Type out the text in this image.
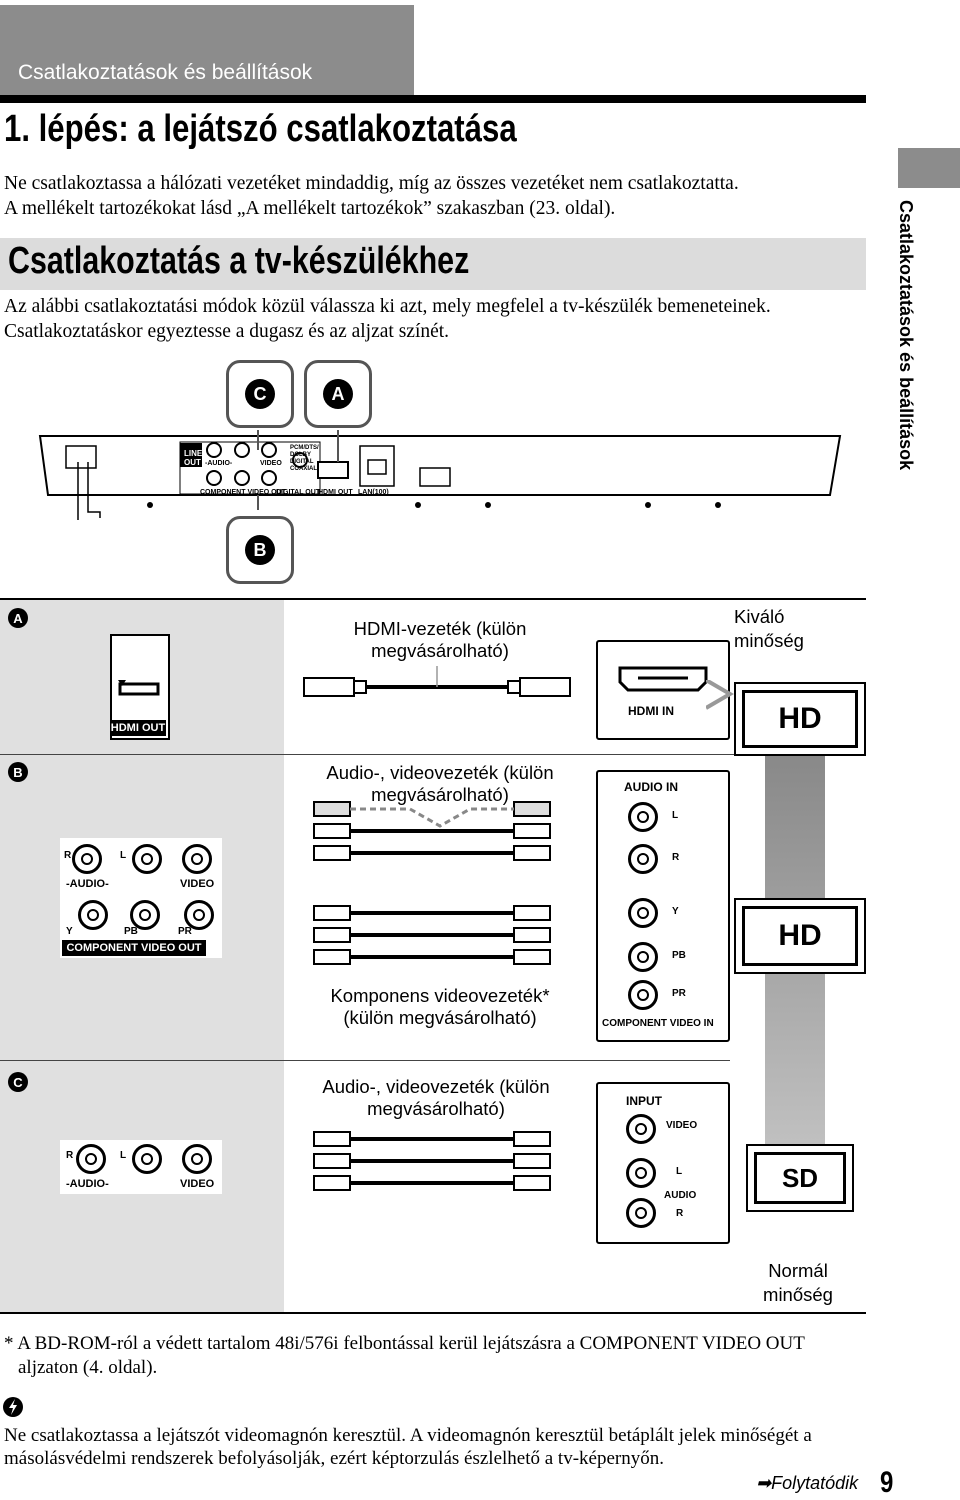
Csatlakoztatások és beállítások
1. lépés: a lejátszó csatlakoztatása
Ne csatlakoztassa a hálózati vezetéket mindaddig, míg az összes vezetéket nem csatlakoztatta.
A mellékelt tartozékokat lásd „A mellékelt tartozékok” szakaszban (23. oldal).
Csatlakoztatás a tv-készülékhez
Az alábbi csatlakoztatási módok közül válassza ki azt, mely megfelel a tv-készülék bemeneteinek.
Csatlakoztatáskor egyeztesse a dugasz és az aljzat színét.	Csatlakoztatások és beállítások
LINE OUT -AUDIO-	VIDEO
PCM/DTS/ DOLBY DIGITAL COAXIAL
COMPONENT VIDEO OUT
DIGITAL OUT
HDMI OUT LAN(100)
C	A
B
A
HDMI OUT
HDMI-vezeték (külön
megvásárolható)
HDMI IN
Kiváló
minőség
HD
B
R	L
-AUDIO-	VIDEO
Y	PB	PR
COMPONENT VIDEO OUT
Audio-, videovezeték (külön
megvásárolható)
Komponens videovezeték*
(külön megvásárolható)
AUDIO IN
L
R
Y
PB
PR
COMPONENT VIDEO IN
HD
C
R	L
-AUDIO-	VIDEO
Audio-, videovezeték (külön
megvásárolható)	INPUT
VIDEO
L
AUDIO
R
SD
Normál
minőség
* A BD-ROM-ról a védett tartalom 48i/576i felbontással kerül lejátszásra a COMPONENT VIDEO OUT
aljzaton (4. oldal).
Ne csatlakoztassa a lejátszót videomagnón keresztül. A videomagnón keresztül betáplált jelek minőségét a
másolásvédelmi rendszerek befolyásolják, ezért képtorzulás észlelhető a tv-képernyőn.
➡Folytatódik 9
